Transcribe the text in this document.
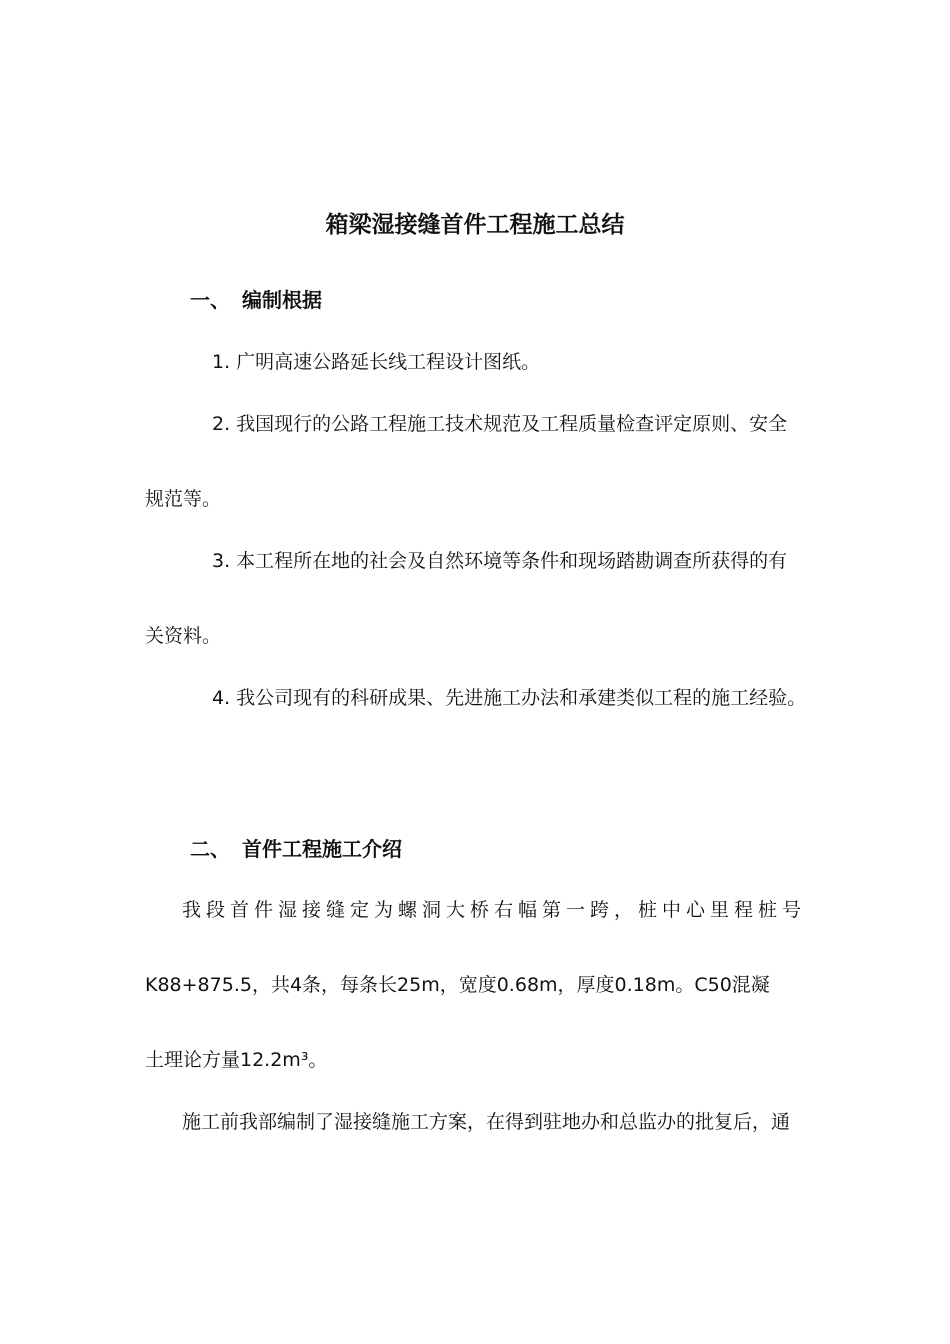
箱梁湿接缝首件工程施工总结
一、 编制根据
1. 广明高速公路延长线工程设计图纸。
2. 我国现行的公路工程施工技术规范及工程质量检查评定原则、安全
规范等。
3. 本工程所在地的社会及自然环境等条件和现场踏勘调查所获得的有
关资料。
4. 我公司现有的科研成果、先进施工办法和承建类似工程的施工经验。
二、 首件工程施工介绍
我段首件湿接缝定为螺洞大桥右幅第一跨，桩中心里程桩号
K88+875.5，共4条，每条长25m，宽度0.68m，厚度0.18m。C50混凝
土理论方量12.2m³。
施工前我部编制了湿接缝施工方案，在得到驻地办和总监办的批复后，通
